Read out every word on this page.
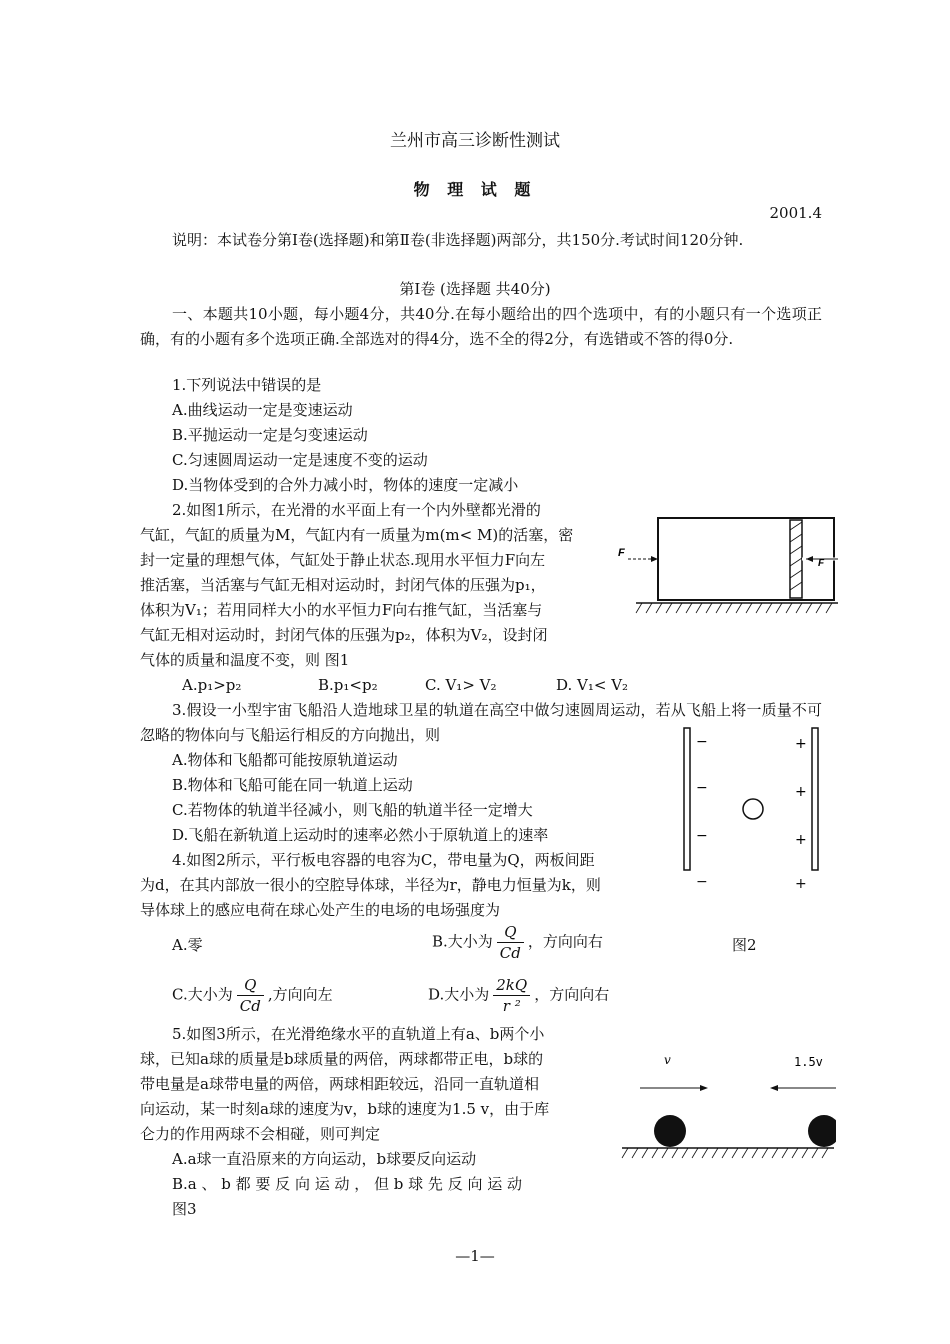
兰州市高三诊断性测试
物 理 试 题
2001.4
说明：本试卷分第Ⅰ卷(选择题)和第Ⅱ卷(非选择题)两部分，共150分.考试时间120分钟.
第Ⅰ卷 (选择题 共40分)
一、本题共10小题，每小题4分，共40分.在每小题给出的四个选项中，有的小题只有一个选项正确，有的小题有多个选项正确.全部选对的得4分，选不全的得2分，有选错或不答的得0分.
1.下列说法中错误的是
A.曲线运动一定是变速运动
B.平抛运动一定是匀变速运动
C.匀速圆周运动一定是速度不变的运动
D.当物体受到的合外力减小时，物体的速度一定减小
2.如图1所示，在光滑的水平面上有一个内外壁都光滑的
气缸，气缸的质量为M，气缸内有一质量为m(m< M)的活塞，密
封一定量的理想气体，气缸处于静止状态.现用水平恒力F向左
推活塞，当活塞与气缸无相对运动时，封闭气体的压强为p₁，
体积为V₁；若用同样大小的水平恒力F向右推气缸，当活塞与
气缸无相对运动时，封闭气体的压强为p₂，体积为V₂，设封闭
气体的质量和温度不变，则 图1
A.p₁>p₂	B.p₁<p₂	C. V₁> V₂	D. V₁< V₂
F
F
3.假设一小型宇宙飞船沿人造地球卫星的轨道在高空中做匀速圆周运动，若从飞船上将一质量不可忽略的物体向与飞船运行相反的方向抛出，则
A.物体和飞船都可能按原轨道运动
B.物体和飞船可能在同一轨道上运动
C.若物体的轨道半径减小，则飞船的轨道半径一定增大
D.飞船在新轨道上运动时的速率必然小于原轨道上的速率
4.如图2所示，平行板电容器的电容为C，带电量为Q，两板间距
为d，在其内部放一很小的空腔导体球，半径为r，静电力恒量为k，则
导体球上的感应电荷在球心处产生的电场的电场强度为
A.零	B.大小为 $\frac{Q}{Cd}$ ，方向向右	图2
C.大小为 $\frac{Q}{Cd}$ ,方向向左	D.大小为 $\frac{2kQ}{\text{r ²}}$ ，方向向右
−
−
−
+
+
+
−	+
5.如图3所示，在光滑绝缘水平的直轨道上有a、b两个小
球，已知a球的质量是b球质量的两倍，两球都带正电，b球的
带电量是a球带电量的两倍，两球相距较远，沿同一直轨道相
向运动，某一时刻a球的速度为v，b球的速度为1.5 v，由于库
仑力的作用两球不会相碰，则可判定
A.a球一直沿原来的方向运动，b球要反向运动
B.a 、 b 都 要 反 向 运 动 ， 但 b 球 先 反 向 运 动
图3
v	1.5v
—1—
